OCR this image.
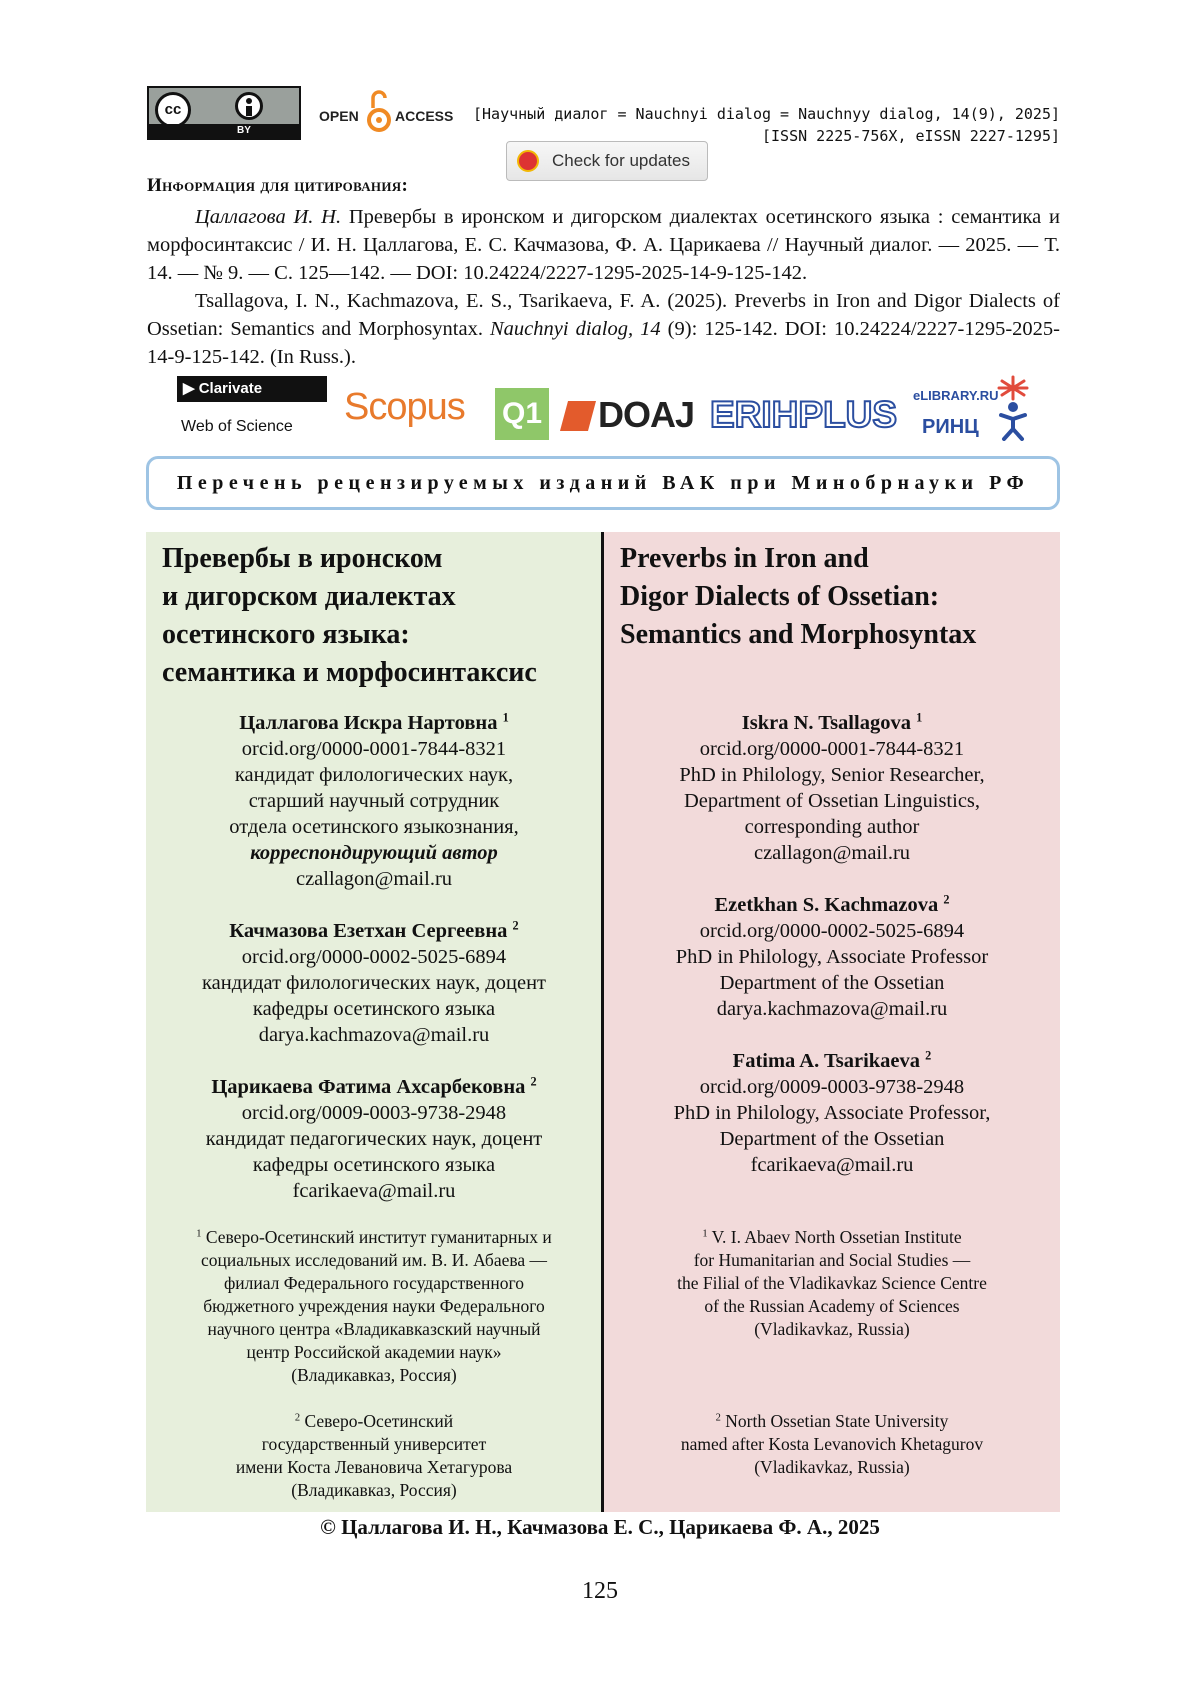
cc
BY
OPEN	ACCESS [Научный диалог = Nauchnyi dialog = Nauchnyy dialog, 14(9), 2025]
[ISSN 2225-756X, eISSN 2227-1295]
Check for updates
Информация для цитирования:

Цаллагова И. Н. Превербы в иронском и дигорском диалектах осетинского языка : семантика и морфосинтаксис / И. Н. Цаллагова, Е. С. Качмазова, Ф. А. Царикаева // Научный диалог. — 2025. — Т. 14. — № 9. — С. 125—142. — DOI: 10.24224/2227-1295-2025-14-9-125-142.

Tsallagova, I. N., Kachmazova, E. S., Tsarikaeva, F. A. (2025). Preverbs in Iron and Digor Dialects of Ossetian: Semantics and Morphosyntax. Nauchnyi dialog, 14 (9): 125-142. DOI: 10.24224/2227-1295-2025-14-9-125-142. (In Russ.).

▶ Clarivate
Web of Science Scopus Q1	DOAJ ERIHPLUS eLIBRARY.RU
РИНЦ
Перечень рецензируемых изданий ВАК при Минобрнауки РФ
Превербы в иронском
и дигорском диалектах
осетинского языка:
семантика и морфосинтаксис
Цаллагова Искра Нартовна $^1$
orcid.org/0000-0001-7844-8321
кандидат филологических наук,
старший научный сотрудник
отдела осетинского языкознания,
корреспондирующий автор
czallagon@mail.ru
Качмазова Езетхан Сергеевна $^2$
orcid.org/0000-0002-5025-6894
кандидат филологических наук, доцент
кафедры осетинского языка
darya.kachmazova@mail.ru
Царикаева Фатима Ахсарбековна $^2$
orcid.org/0009-0003-9738-2948
кандидат педагогических наук, доцент
кафедры осетинского языка
fcarikaeva@mail.ru
$^1$ Северо-Осетинский институт гуманитарных и
социальных исследований им. В. И. Абаева —
филиал Федерального государственного
бюджетного учреждения науки Федерального
научного центра «Владикавказский научный
центр Российской академии наук»
(Владикавказ, Россия)
$^2$ Северо-Осетинский
государственный университет
имени Коста Левановича Хетагурова
(Владикавказ, Россия)
Preverbs in Iron and
Digor Dialects of Ossetian:
Semantics and Morphosyntax
Iskra N. Tsallagova $^1$
orcid.org/0000-0001-7844-8321
PhD in Philology, Senior Researcher,
Department of Ossetian Linguistics,
corresponding author
czallagon@mail.ru
Ezetkhan S. Kachmazova $^2$
orcid.org/0000-0002-5025-6894
PhD in Philology, Associate Professor
Department of the Ossetian
darya.kachmazova@mail.ru
Fatima A. Tsarikaeva $^2$
orcid.org/0009-0003-9738-2948
PhD in Philology, Associate Professor,
Department of the Ossetian
fcarikaeva@mail.ru
$^1$ V. I. Abaev North Ossetian Institute
for Humanitarian and Social Studies —
the Filial of the Vladikavkaz Science Centre
of the Russian Academy of Sciences
(Vladikavkaz, Russia)
$^2$ North Ossetian State University
named after Kosta Levanovich Khetagurov
(Vladikavkaz, Russia)
© Цаллагова И. Н., Качмазова Е. С., Царикаева Ф. А., 2025
125
